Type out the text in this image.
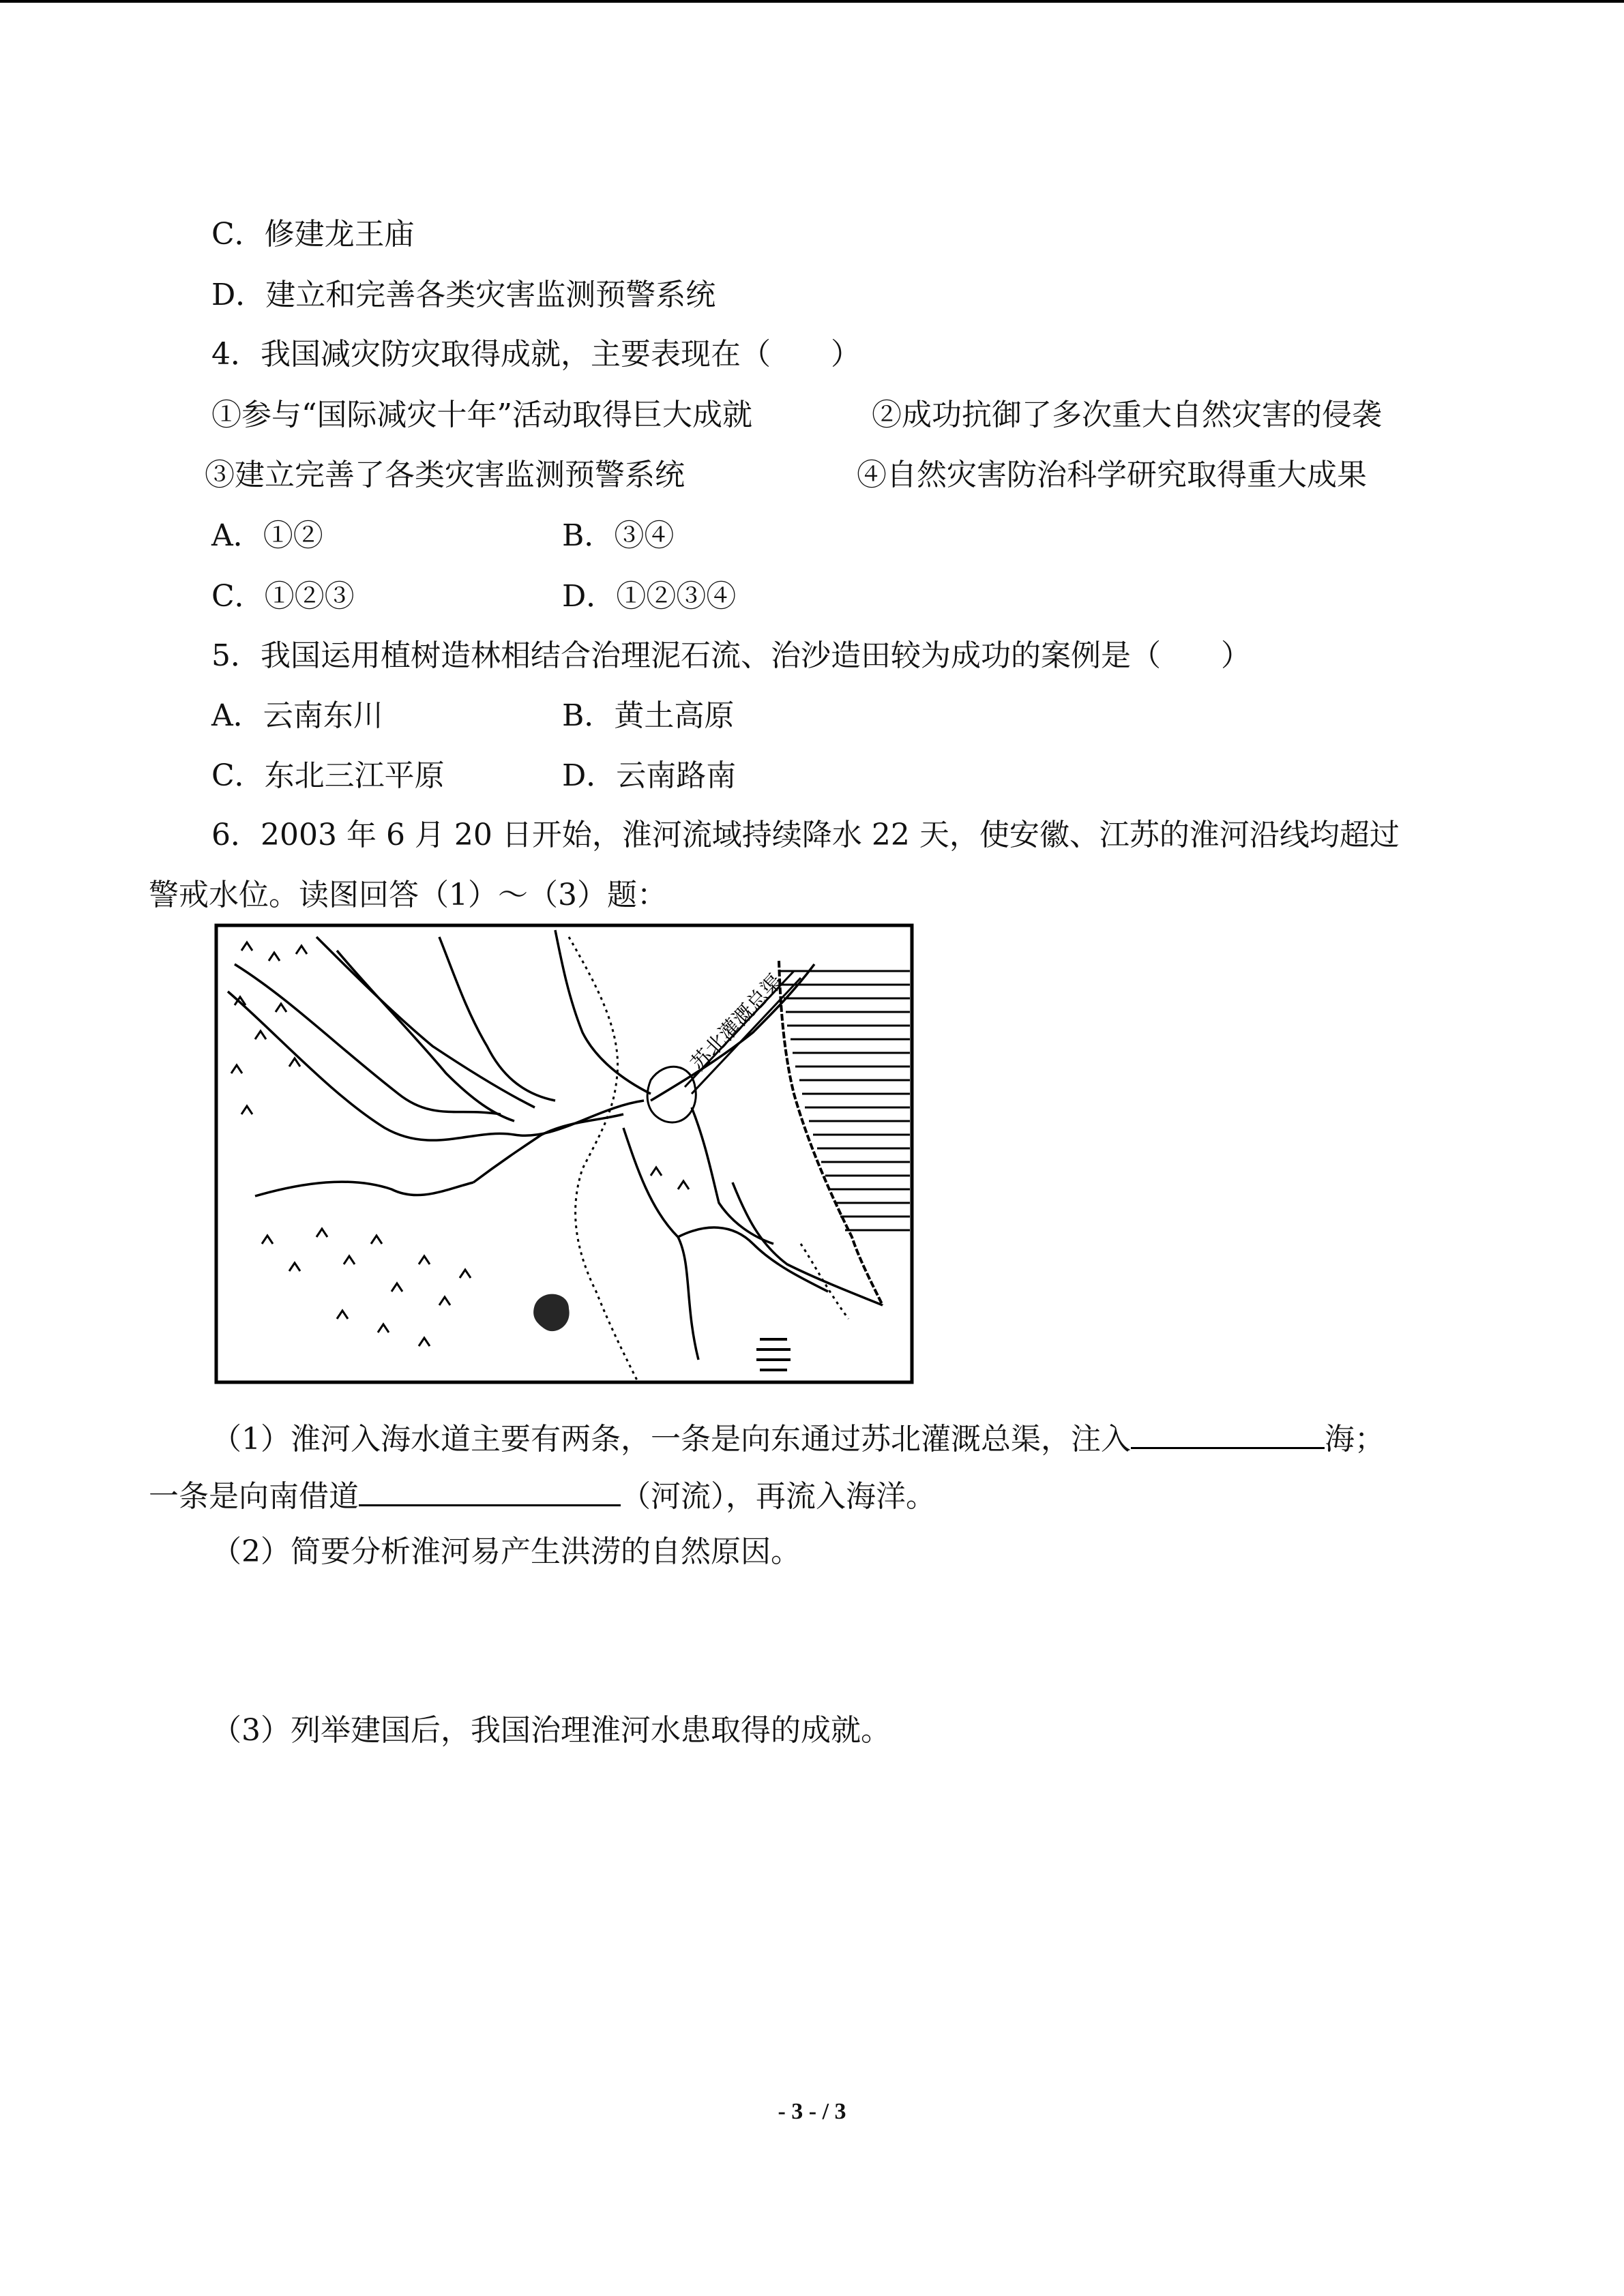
C．修建龙王庙
D．建立和完善各类灾害监测预警系统
4．我国减灾防灾取得成就，主要表现在（　　）
①参与“国际减灾十年”活动取得巨大成就	②成功抗御了多次重大自然灾害的侵袭
③建立完善了各类灾害监测预警系统	④自然灾害防治科学研究取得重大成果
A．①②	B．③④
C．①②③	D．①②③④
5．我国运用植树造林相结合治理泥石流、治沙造田较为成功的案例是（　　）
A．云南东川	B．黄土高原
C．东北三江平原	D．云南路南
6．2003 年 6 月 20 日开始，淮河流域持续降水 22 天，使安徽、江苏的淮河沿线均超过
警戒水位。读图回答（1）～（3）题：
苏北灌溉总渠
（1）淮河入海水道主要有两条，一条是向东通过苏北灌溉总渠，注入	海；
一条是向南借道	（河流），再流入海洋。
（2）简要分析淮河易产生洪涝的自然原因。
（3）列举建国后，我国治理淮河水患取得的成就。
- 3 - / 3
